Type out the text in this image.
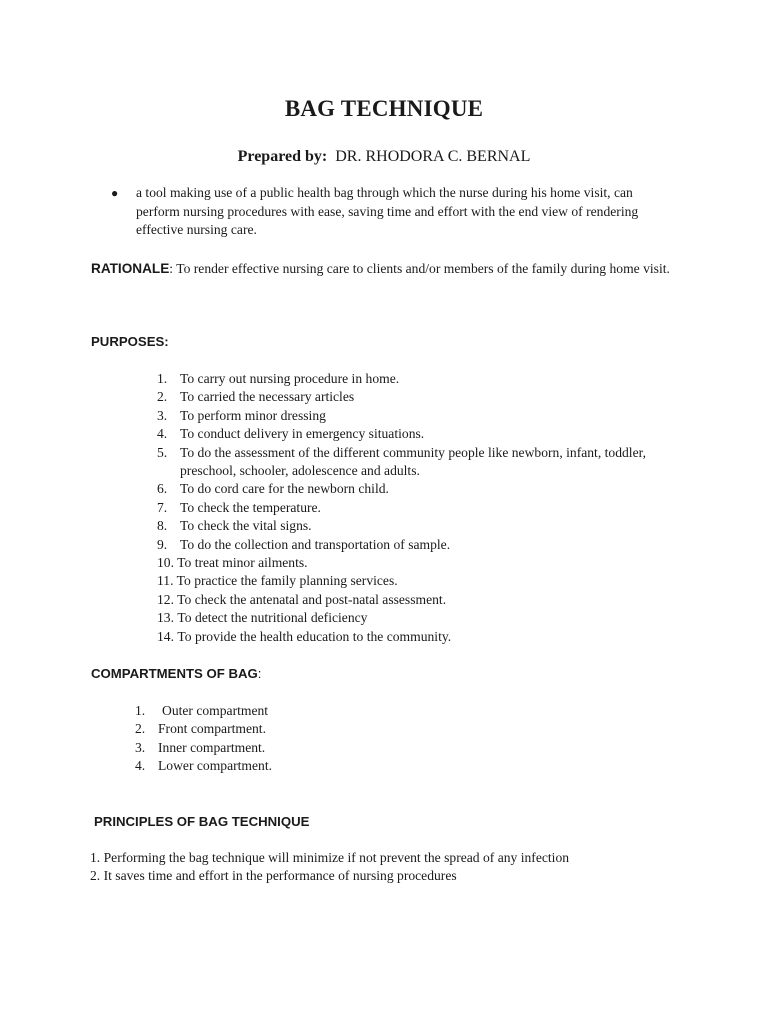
BAG TECHNIQUE
Prepared by: DR. RHODORA C. BERNAL
● a tool making use of a public health bag through which the nurse during his home visit, can perform nursing procedures with ease, saving time and effort with the end view of rendering effective nursing care.
RATIONALE: To render effective nursing care to clients and/or members of the family during home visit.
PURPOSES:
1. To carry out nursing procedure in home.
2. To carried the necessary articles
3. To perform minor dressing
4. To conduct delivery in emergency situations.
5. To do the assessment of the different community people like newborn, infant, toddler, preschool, schooler, adolescence and adults.
6. To do cord care for the newborn child.
7. To check the temperature.
8. To check the vital signs.
9. To do the collection and transportation of sample.
10. To treat minor ailments.
11. To practice the family planning services.
12. To check the antenatal and post-natal assessment.
13. To detect the nutritional deficiency
14. To provide the health education to the community.
COMPARTMENTS OF BAG:
1. Outer compartment
2. Front compartment.
3. Inner compartment.
4. Lower compartment.
PRINCIPLES OF BAG TECHNIQUE
1. Performing the bag technique will minimize if not prevent the spread of any infection
2. It saves time and effort in the performance of nursing procedures
